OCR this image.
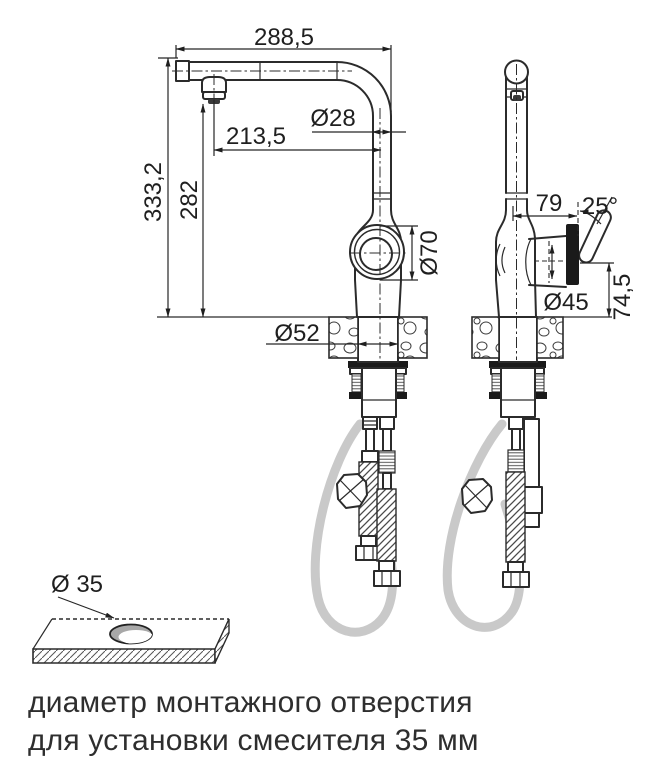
288,5
333,2 282
213,5
Ø28
Ø70
Ø52
79 25°
Ø45 74,5
Ø 35
диаметр монтажного отверстия
для установки смесителя 35 мм
